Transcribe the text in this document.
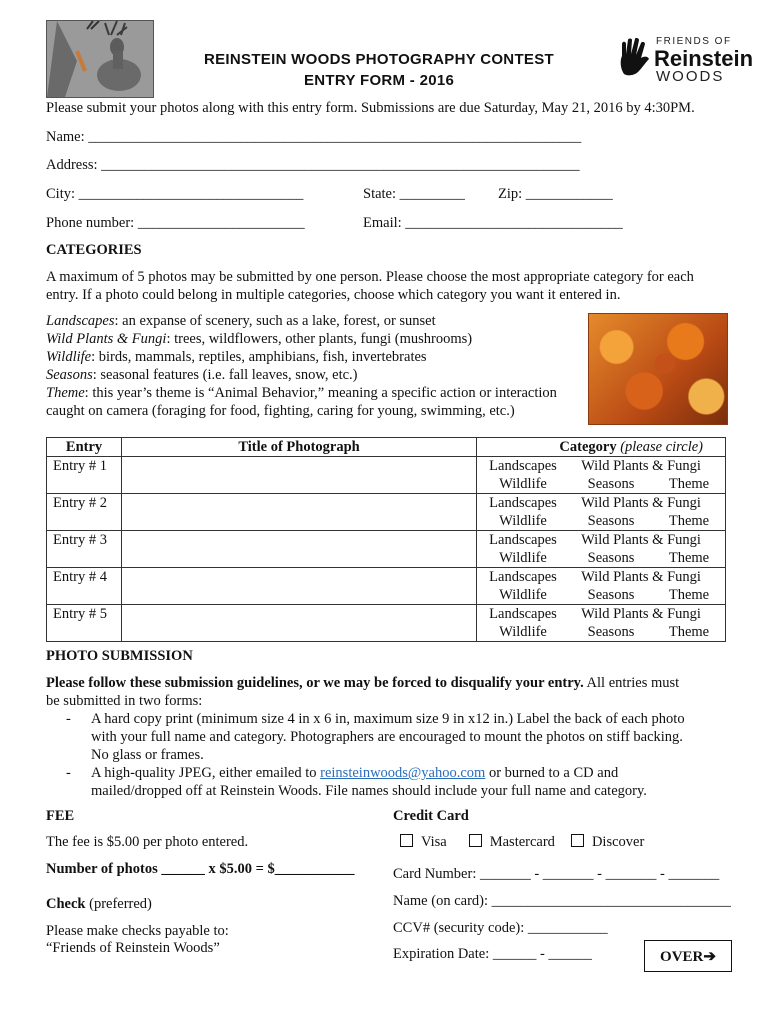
REINSTEIN WOODS PHOTOGRAPHY CONTEST
ENTRY FORM - 2016
FRIENDS OF
Reinstein
WOODS
Please submit your photos along with this entry form. Submissions are due Saturday, May 21, 2016 by 4:30PM.
Name: ____________________________________________________________________
Address: __________________________________________________________________
City: _______________________________	State: _________ Zip: ____________
Phone number: _______________________	Email: ______________________________
CATEGORIES
A maximum of 5 photos may be submitted by one person. Please choose the most appropriate category for each
entry. If a photo could belong in multiple categories, choose which category you want it entered in.
Landscapes: an expanse of scenery, such as a lake, forest, or sunset
Wild Plants & Fungi: trees, wildflowers, other plants, fungi (mushrooms)
Wildlife: birds, mammals, reptiles, amphibians, fish, invertebrates
Seasons: seasonal features (i.e. fall leaves, snow, etc.)
Theme: this year’s theme is “Animal Behavior,” meaning a specific action or interaction
caught on camera (foraging for food, fighting, caring for young, swimming, etc.)
Entry	Title of Photograph	Category (please circle)
Entry # 1		Landscapes Wild Plants & Fungi
Wildlife Seasons Theme

Entry # 2		Landscapes Wild Plants & Fungi
Wildlife Seasons Theme

Entry # 3		Landscapes Wild Plants & Fungi
Wildlife Seasons Theme

Entry # 4		Landscapes Wild Plants & Fungi
Wildlife Seasons Theme

Entry # 5		Landscapes Wild Plants & Fungi
Wildlife Seasons Theme
PHOTO SUBMISSION
Please follow these submission guidelines, or we may be forced to disqualify your entry. All entries must
be submitted in two forms:
- A hard copy print (minimum size 4 in x 6 in, maximum size 9 in x12 in.) Label the back of each photo
with your full name and category. Photographers are encouraged to mount the photos on stiff backing.
No glass or frames.
- A high-quality JPEG, either emailed to reinsteinwoods@yahoo.com or burned to a CD and
mailed/dropped off at Reinstein Woods. File names should include your full name and category.
FEE
The fee is $5.00 per photo entered.
Number of photos ______ x $5.00 = $___________
Check (preferred)
Please make checks payable to:
“Friends of Reinstein Woods”
Credit Card
Visa	Mastercard	Discover
Card Number: _______ - _______ - _______ - _______
Name (on card): _________________________________
CCV# (security code): ___________
Expiration Date: ______ - ______	OVER➔
